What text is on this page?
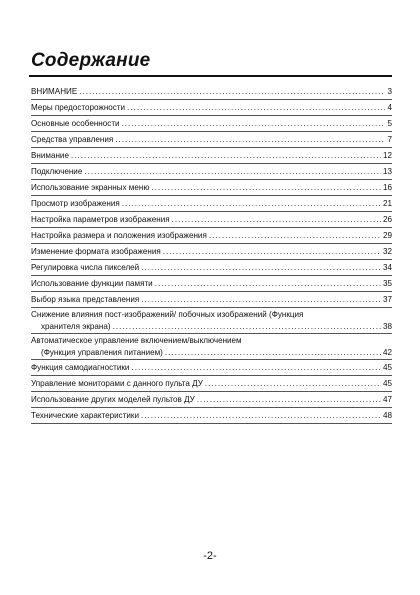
Содержание
ВНИМАНИЕ .....	3
Меры предосторожности .....	4
Основные особенности .....	5
Средства управления .....	7
Внимание .....	12
Подключение .....	13
Использование экранных меню .....	16
Просмотр изображения .....	21
Настройка параметров изображения .....	26
Настройка размера и положения изображения .....	29
Изменение формата изображения .....	32
Регулировка числа пикселей .....	34
Использование функции памяти .....	35
Выбор языка представления .....	37
Снижение влияния пост-изображений/ побочных изображений (Функция
хранителя экрана) .....	38
Автоматическое управление включением/выключением
(Функция управления питанием) .....	42
Функция самодиагностики .....	45
Управление мониторами с данного пульта ДУ .....	45
Использование других моделей пультов ДУ .....	47
Технические характеристики .....	48
-2-
